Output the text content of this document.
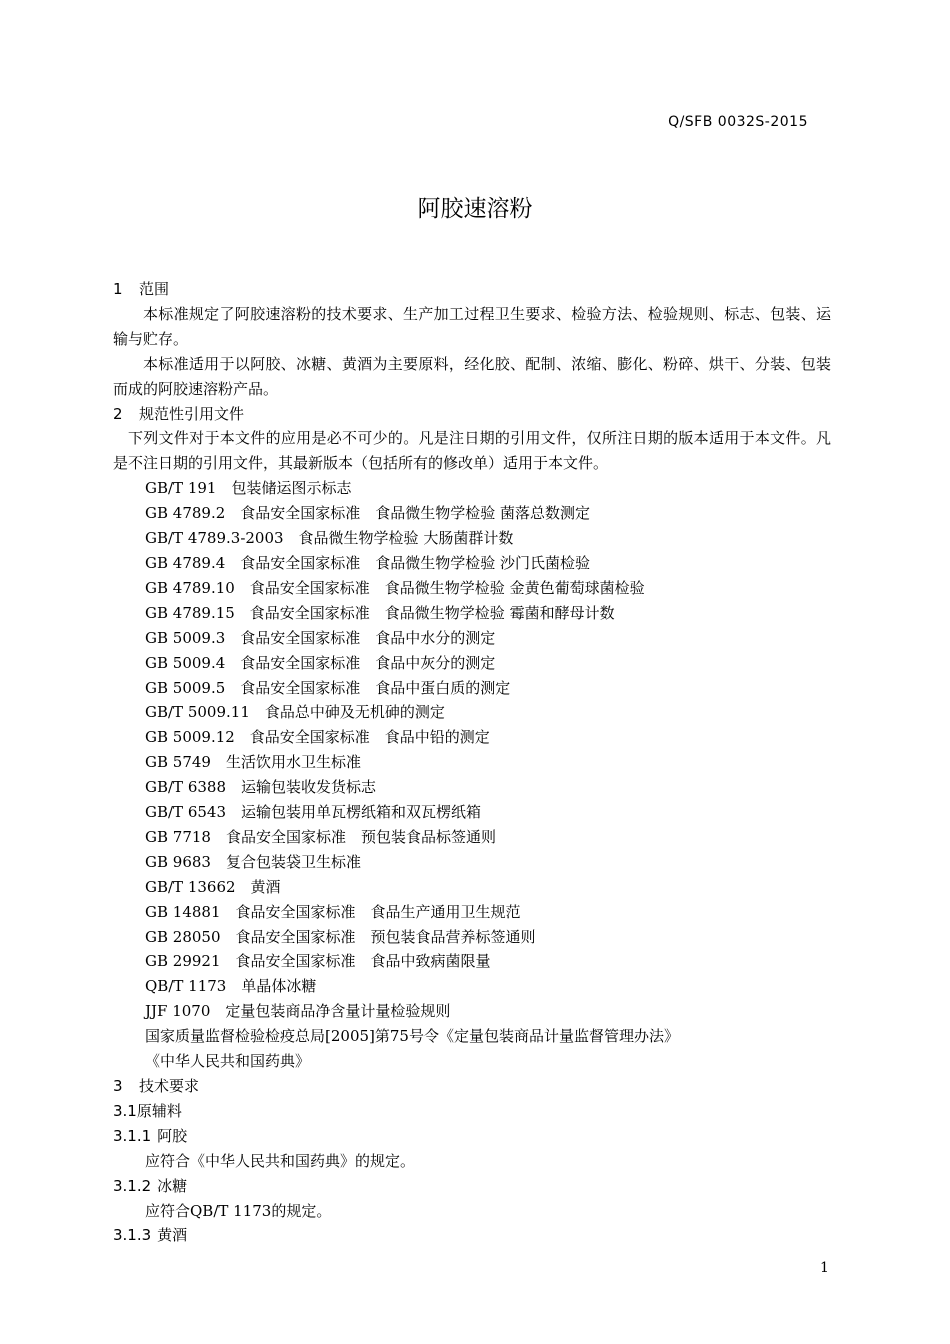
Q/SFB 0032S-2015
阿胶速溶粉
1 范围
本标准规定了阿胶速溶粉的技术要求、生产加工过程卫生要求、检验方法、检验规则、标志、包装、运输与贮存。
本标准适用于以阿胶、冰糖、黄酒为主要原料，经化胶、配制、浓缩、膨化、粉碎、烘干、分装、包装而成的阿胶速溶粉产品。
2 规范性引用文件
下列文件对于本文件的应用是必不可少的。凡是注日期的引用文件，仅所注日期的版本适用于本文件。凡是不注日期的引用文件，其最新版本（包括所有的修改单）适用于本文件。
GB/T 191　包装储运图示标志
GB 4789.2　食品安全国家标准　食品微生物学检验 菌落总数测定
GB/T 4789.3-2003　食品微生物学检验 大肠菌群计数
GB 4789.4　食品安全国家标准　食品微生物学检验 沙门氏菌检验
GB 4789.10　食品安全国家标准　食品微生物学检验 金黄色葡萄球菌检验
GB 4789.15　食品安全国家标准　食品微生物学检验 霉菌和酵母计数
GB 5009.3　食品安全国家标准　食品中水分的测定
GB 5009.4　食品安全国家标准　食品中灰分的测定
GB 5009.5　食品安全国家标准　食品中蛋白质的测定
GB/T 5009.11　食品总中砷及无机砷的测定
GB 5009.12　食品安全国家标准　食品中铅的测定
GB 5749　生活饮用水卫生标准
GB/T 6388　运输包装收发货标志
GB/T 6543　运输包装用单瓦楞纸箱和双瓦楞纸箱
GB 7718　食品安全国家标准　预包装食品标签通则
GB 9683　复合包装袋卫生标准
GB/T 13662　黄酒
GB 14881　食品安全国家标准　食品生产通用卫生规范
GB 28050　食品安全国家标准　预包装食品营养标签通则
GB 29921　食品安全国家标准　食品中致病菌限量
QB/T 1173　单晶体冰糖
JJF 1070　定量包装商品净含量计量检验规则
国家质量监督检验检疫总局[2005]第75号令《定量包装商品计量监督管理办法》
《中华人民共和国药典》
3 技术要求
3.1原辅料
3.1.1 阿胶
应符合《中华人民共和国药典》的规定。
3.1.2 冰糖
应符合QB/T 1173的规定。
3.1.3 黄酒
1
